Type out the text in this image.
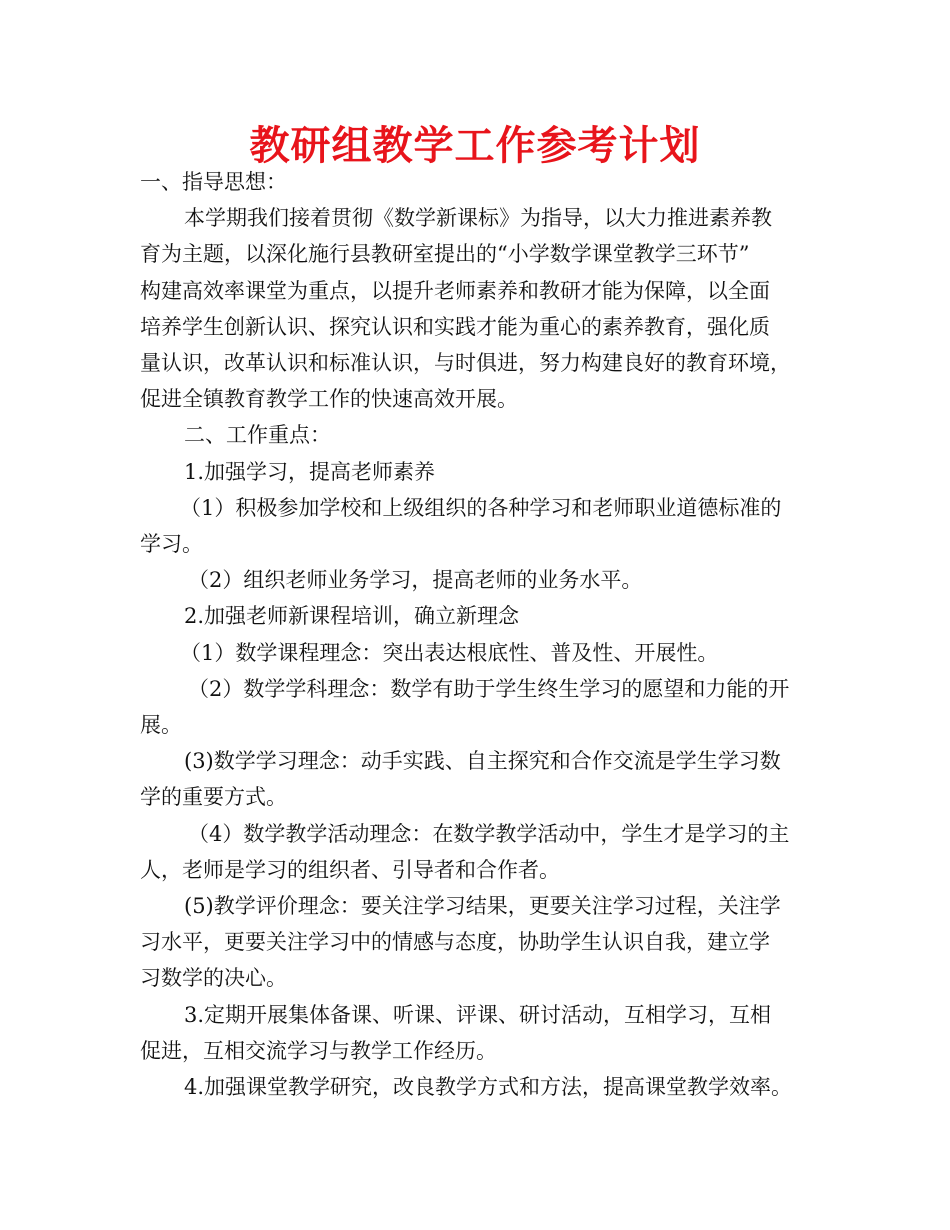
教研组教学工作参考计划

一、指导思想：

本学期我们接着贯彻《数学新课标》为指导，以大力推进素养教

育为主题，以深化施行县教研室提出的“小学数学课堂教学三环节”

构建高效率课堂为重点，以提升老师素养和教研才能为保障，以全面

培养学生创新认识、探究认识和实践才能为重心的素养教育，强化质

量认识，改革认识和标准认识，与时俱进，努力构建良好的教育环境，

促进全镇教育教学工作的快速高效开展。

二、工作重点：

1.加强学习，提高老师素养

（1）积极参加学校和上级组织的各种学习和老师职业道德标准的

学习。

（2）组织老师业务学习，提高老师的业务水平。

2.加强老师新课程培训，确立新理念

（1）数学课程理念：突出表达根底性、普及性、开展性。

（2）数学学科理念：数学有助于学生终生学习的愿望和力能的开

展。

(3)数学学习理念：动手实践、自主探究和合作交流是学生学习数

学的重要方式。

（4）数学教学活动理念：在数学教学活动中，学生才是学习的主

人，老师是学习的组织者、引导者和合作者。

(5)教学评价理念：要关注学习结果，更要关注学习过程，关注学

习水平，更要关注学习中的情感与态度，协助学生认识自我，建立学

习数学的决心。

3.定期开展集体备课、听课、评课、研讨活动，互相学习，互相

促进，互相交流学习与教学工作经历。

4.加强课堂教学研究，改良教学方式和方法，提高课堂教学效率。
